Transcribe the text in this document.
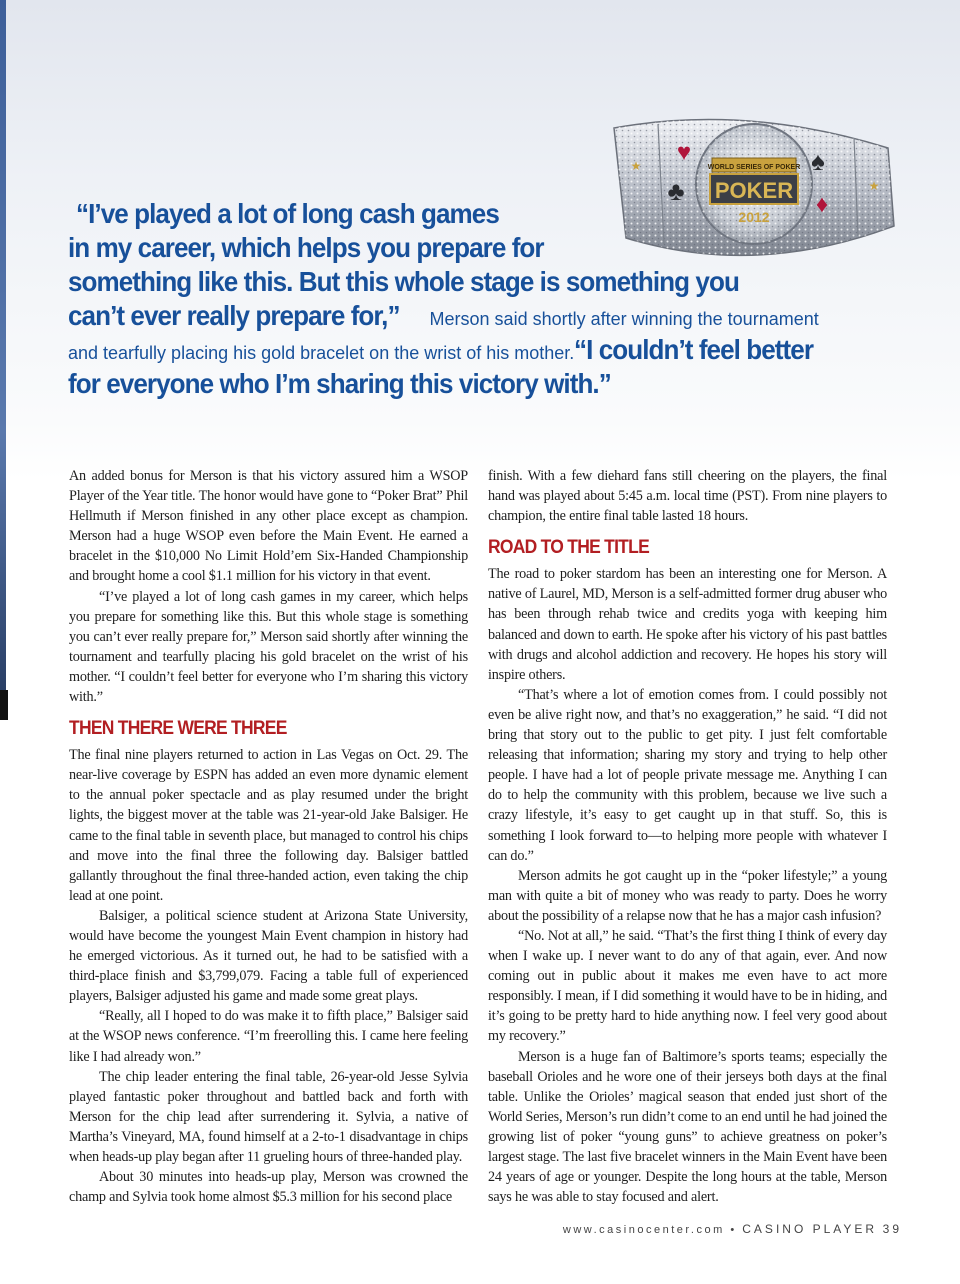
WORLD SERIES OF POKER
POKER
2012
♥
♣
♠
♦
★
★
“I’ve played a lot of long cash games
in my career, which helps you prepare for
something like this. But this whole stage is something you
can’t ever really prepare for,” Merson said shortly after winning the tournament
and tearfully placing his gold bracelet on the wrist of his mother.“I couldn’t feel better
for everyone who I’m sharing this victory with.”

An added bonus for Merson is that his victory assured him a WSOP Player of the Year title. The honor would have gone to “Poker Brat” Phil Hellmuth if Merson finished in any other place except as champion. Merson had a huge WSOP even before the Main Event. He earned a bracelet in the $10,000 No Limit Hold’em Six-Handed Championship and brought home a cool $1.1 million for his victory in that event.

“I’ve played a lot of long cash games in my career, which helps you prepare for something like this. But this whole stage is something you can’t ever really prepare for,” Merson said shortly after winning the tournament and tearfully placing his gold bracelet on the wrist of his mother. “I couldn’t feel better for everyone who I’m sharing this victory with.”

THEN THERE WERE THREE

The final nine players returned to action in Las Vegas on Oct. 29. The near-live coverage by ESPN has added an even more dynamic element to the annual poker spectacle and as play resumed under the bright lights, the biggest mover at the table was 21-year-old Jake Balsiger. He came to the final table in seventh place, but managed to control his chips and move into the final three the following day. Balsiger battled gallantly throughout the final three-handed action, even taking the chip lead at one point.

Balsiger, a political science student at Arizona State University, would have become the youngest Main Event champion in history had he emerged victorious. As it turned out, he had to be satisfied with a third-place finish and $3,799,079. Facing a table full of experienced players, Balsiger adjusted his game and made some great plays.

“Really, all I hoped to do was make it to fifth place,” Balsiger said at the WSOP news conference. “I’m freerolling this. I came here feeling like I had already won.”

The chip leader entering the final table, 26-year-old Jesse Sylvia played fantastic poker throughout and battled back and forth with Merson for the chip lead after surrendering it. Sylvia, a native of Martha’s Vineyard, MA, found himself at a 2-to-1 disadvantage in chips when heads-up play began after 11 grueling hours of three-handed play.

About 30 minutes into heads-up play, Merson was crowned the champ and Sylvia took home almost $5.3 million for his second place

finish. With a few diehard fans still cheering on the players, the final hand was played about 5:45 a.m. local time (PST). From nine players to champion, the entire final table lasted 18 hours.

ROAD TO THE TITLE

The road to poker stardom has been an interesting one for Merson. A native of Laurel, MD, Merson is a self-admitted former drug abuser who has been through rehab twice and credits yoga with keeping him balanced and down to earth. He spoke after his victory of his past battles with drugs and alcohol addiction and recovery. He hopes his story will inspire others.

“That’s where a lot of emotion comes from. I could possibly not even be alive right now, and that’s no exaggeration,” he said. “I did not bring that story out to the public to get pity. I just felt comfortable releasing that information; sharing my story and trying to help other people. I have had a lot of people private message me. Anything I can do to help the community with this problem, because we live such a crazy lifestyle, it’s easy to get caught up in that stuff. So, this is something I look forward to—to helping more people with whatever I can do.”

Merson admits he got caught up in the “poker lifestyle;” a young man with quite a bit of money who was ready to party. Does he worry about the possibility of a relapse now that he has a major cash infusion?

“No. Not at all,” he said. “That’s the first thing I think of every day when I wake up. I never want to do any of that again, ever. And now coming out in public about it makes me even have to act more responsibly. I mean, if I did something it would have to be in hiding, and it’s going to be pretty hard to hide anything now. I feel very good about my recovery.”

Merson is a huge fan of Baltimore’s sports teams; especially the baseball Orioles and he wore one of their jerseys both days at the final table. Unlike the Orioles’ magical season that ended just short of the World Series, Merson’s run didn’t come to an end until he had joined the growing list of poker “young guns” to achieve greatness on poker’s largest stage. The last five bracelet winners in the Main Event have been 24 years of age or younger. Despite the long hours at the table, Merson says he was able to stay focused and alert.

www.casinocenter.com • CASINO PLAYER 39
